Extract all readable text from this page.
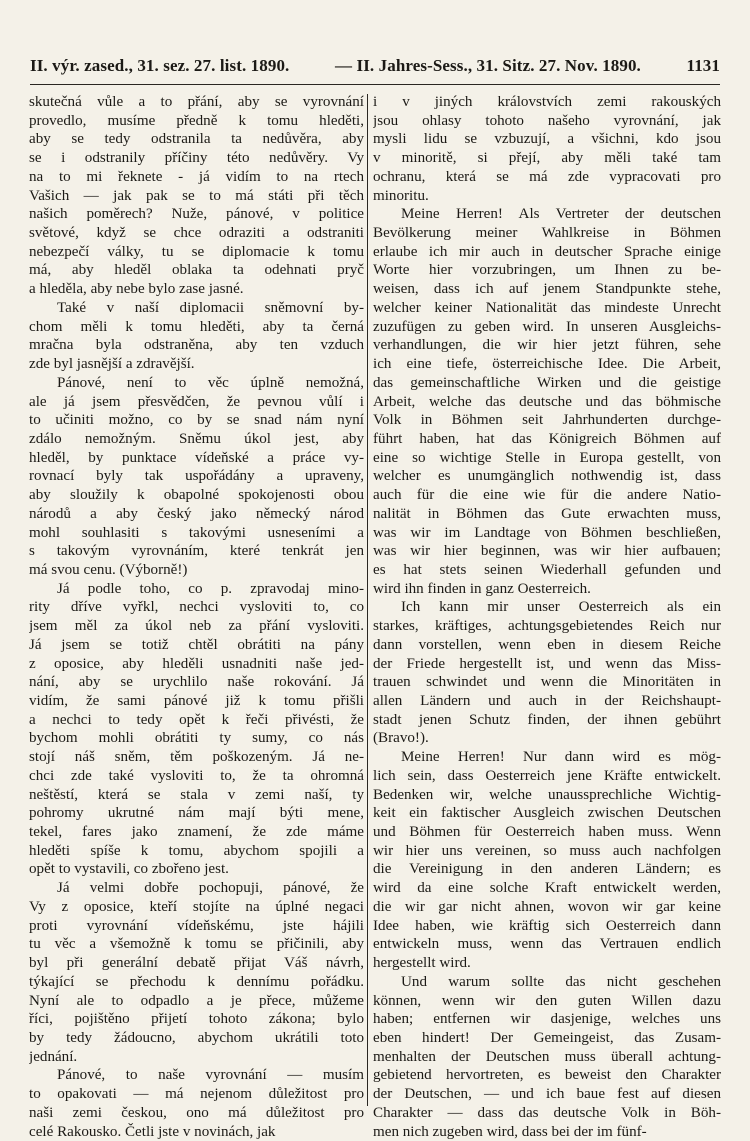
II. výr. zased., 31. sez. 27. list. 1890.	— II. Jahres-Sess., 31. Sitz. 27. Nov. 1890.	1131
skutečná vůle a to přání, aby se vyrovnání
provedlo, musíme předně k tomu hleděti,
aby se tedy odstranila ta nedůvěra, aby
se i odstranily příčiny této nedůvěry. Vy
na to mi řeknete - já vidím to na rtech
Vašich — jak pak se to má státi při těch
našich poměrech? Nuže, pánové, v politice
světové, když se chce odraziti a odstraniti
nebezpečí války, tu se diplomacie k tomu
má, aby hleděl oblaka ta odehnati pryč
a hleděla, aby nebe bylo zase jasné.
Také v naší diplomacii sněmovní by-
chom měli k tomu hleděti, aby ta černá
mračna byla odstraněna, aby ten vzduch
zde byl jasnější a zdravější.
Pánové, není to věc úplně nemožná,
ale já jsem přesvědčen, že pevnou vůlí i
to učiniti možno, co by se snad nám nyní
zdálo nemožným. Sněmu úkol jest, aby
hleděl, by punktace vídeňské a práce vy-
rovnací byly tak uspořádány a upraveny,
aby sloužily k obapolné spokojenosti obou
národů a aby český jako německý národ
mohl souhlasiti s takovými usneseními a
s takovým vyrovnáním, které tenkrát jen
má svou cenu. (Výborně!)
Já podle toho, co p. zpravodaj mino-
rity dříve vyřkl, nechci vysloviti to, co
jsem měl za úkol neb za přání vysloviti.
Já jsem se totiž chtěl obrátiti na pány
z oposice, aby hleděli usnadniti naše jed-
nání, aby se urychlilo naše rokování. Já
vidím, že sami pánové již k tomu přišli
a nechci to tedy opět k řeči přivésti, že
bychom mohli obrátiti ty sumy, co nás
stojí náš sněm, těm poškozeným. Já ne-
chci zde také vysloviti to, že ta ohromná
neštěstí, která se stala v zemi naší, ty
pohromy ukrutné nám mají býti mene,
tekel, fares jako znamení, že zde máme
hleděti spíše k tomu, abychom spojili a
opět to vystavili, co zbořeno jest.
Já velmi dobře pochopuji, pánové, že
Vy z oposice, kteří stojíte na úplné negaci
proti vyrovnání vídeňskému, jste hájili
tu věc a všemožně k tomu se přičinili, aby
byl při generální debatě přijat Váš návrh,
týkající se přechodu k dennímu pořádku.
Nyní ale to odpadlo a je přece, můžeme
říci, pojištěno přijetí tohoto zákona; bylo
by tedy žádoucno, abychom ukrátili toto
jednání.
Pánové, to naše vyrovnání — musím
to opakovati — má nejenom důležitost pro
naši zemi českou, ono má důležitost pro
celé Rakousko. Četli jste v novinách, jak
i v jiných královstvích zemi rakouských
jsou ohlasy tohoto našeho vyrovnání, jak
mysli lidu se vzbuzují, a všichni, kdo jsou
v minoritě, si přejí, aby měli také tam
ochranu, která se má zde vypracovati pro
minoritu.
Meine Herren! Als Vertreter der deutschen
Bevölkerung meiner Wahlkreise in Böhmen
erlaube ich mir auch in deutscher Sprache einige
Worte hier vorzubringen, um Ihnen zu be-
weisen, dass ich auf jenem Standpunkte stehe,
welcher keiner Nationalität das mindeste Unrecht
zuzufügen zu geben wird. In unseren Ausgleichs-
verhandlungen, die wir hier jetzt führen, sehe
ich eine tiefe, österreichische Idee. Die Arbeit,
das gemeinschaftliche Wirken und die geistige
Arbeit, welche das deutsche und das böhmische
Volk in Böhmen seit Jahrhunderten durchge-
führt haben, hat das Königreich Böhmen auf
eine so wichtige Stelle in Europa gestellt, von
welcher es unumgänglich nothwendig ist, dass
auch für die eine wie für die andere Natio-
nalität in Böhmen das Gute erwachten muss,
was wir im Landtage von Böhmen beschließen,
was wir hier beginnen, was wir hier aufbauen;
es hat stets seinen Wiederhall gefunden und
wird ihn finden in ganz Oesterreich.
Ich kann mir unser Oesterreich als ein
starkes, kräftiges, achtungsgebietendes Reich nur
dann vorstellen, wenn eben in diesem Reiche
der Friede hergestellt ist, und wenn das Miss-
trauen schwindet und wenn die Minoritäten in
allen Ländern und auch in der Reichshaupt-
stadt jenen Schutz finden, der ihnen gebührt
(Bravo!).
Meine Herren! Nur dann wird es mög-
lich sein, dass Oesterreich jene Kräfte entwickelt.
Bedenken wir, welche unaussprechliche Wichtig-
keit ein faktischer Ausgleich zwischen Deutschen
und Böhmen für Oesterreich haben muss. Wenn
wir hier uns vereinen, so muss auch nachfolgen
die Vereinigung in den anderen Ländern; es
wird da eine solche Kraft entwickelt werden,
die wir gar nicht ahnen, wovon wir gar keine
Idee haben, wie kräftig sich Oesterreich dann
entwickeln muss, wenn das Vertrauen endlich
hergestellt wird.
Und warum sollte das nicht geschehen
können, wenn wir den guten Willen dazu
haben; entfernen wir dasjenige, welches uns
eben hindert! Der Gemeingeist, das Zusam-
menhalten der Deutschen muss überall achtung-
gebietend hervortreten, es beweist den Charakter
der Deutschen, — und ich baue fest auf diesen
Charakter — dass das deutsche Volk in Böh-
men nich zugeben wird, dass bei der im fünf-
